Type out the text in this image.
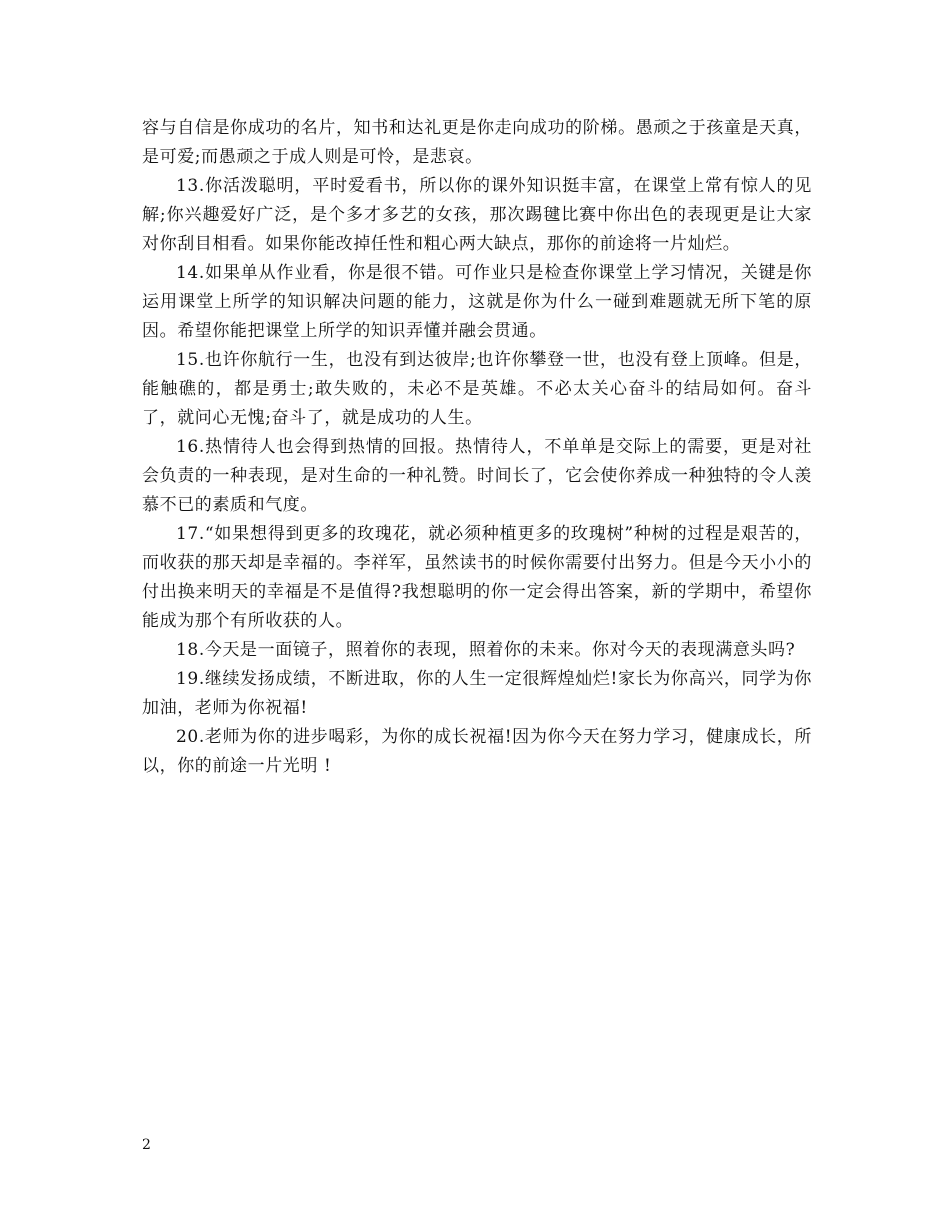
容与自信是你成功的名片，知书和达礼更是你走向成功的阶梯。愚顽之于孩童是天真，是可爱;而愚顽之于成人则是可怜，是悲哀。

13.你活泼聪明，平时爱看书，所以你的课外知识挺丰富，在课堂上常有惊人的见解;你兴趣爱好广泛，是个多才多艺的女孩，那次踢毽比赛中你出色的表现更是让大家对你刮目相看。如果你能改掉任性和粗心两大缺点，那你的前途将一片灿烂。

14.如果单从作业看，你是很不错。可作业只是检查你课堂上学习情况，关键是你运用课堂上所学的知识解决问题的能力，这就是你为什么一碰到难题就无所下笔的原因。希望你能把课堂上所学的知识弄懂并融会贯通。

15.也许你航行一生，也没有到达彼岸;也许你攀登一世，也没有登上顶峰。但是，能触礁的，都是勇士;敢失败的，未必不是英雄。不必太关心奋斗的结局如何。奋斗了，就问心无愧;奋斗了，就是成功的人生。

16.热情待人也会得到热情的回报。热情待人，不单单是交际上的需要，更是对社会负责的一种表现，是对生命的一种礼赞。时间长了，它会使你养成一种独特的令人羡慕不已的素质和气度。

17.“如果想得到更多的玫瑰花，就必须种植更多的玫瑰树”种树的过程是艰苦的，而收获的那天却是幸福的。李祥军，虽然读书的时候你需要付出努力。但是今天小小的付出换来明天的幸福是不是值得?我想聪明的你一定会得出答案，新的学期中，希望你能成为那个有所收获的人。

18.今天是一面镜子，照着你的表现，照着你的未来。你对今天的表现满意头吗?

19.继续发扬成绩，不断进取，你的人生一定很辉煌灿烂!家长为你高兴，同学为你加油，老师为你祝福!

20.老师为你的进步喝彩，为你的成长祝福!因为你今天在努力学习，健康成长，所以，你的前途一片光明 !

2
